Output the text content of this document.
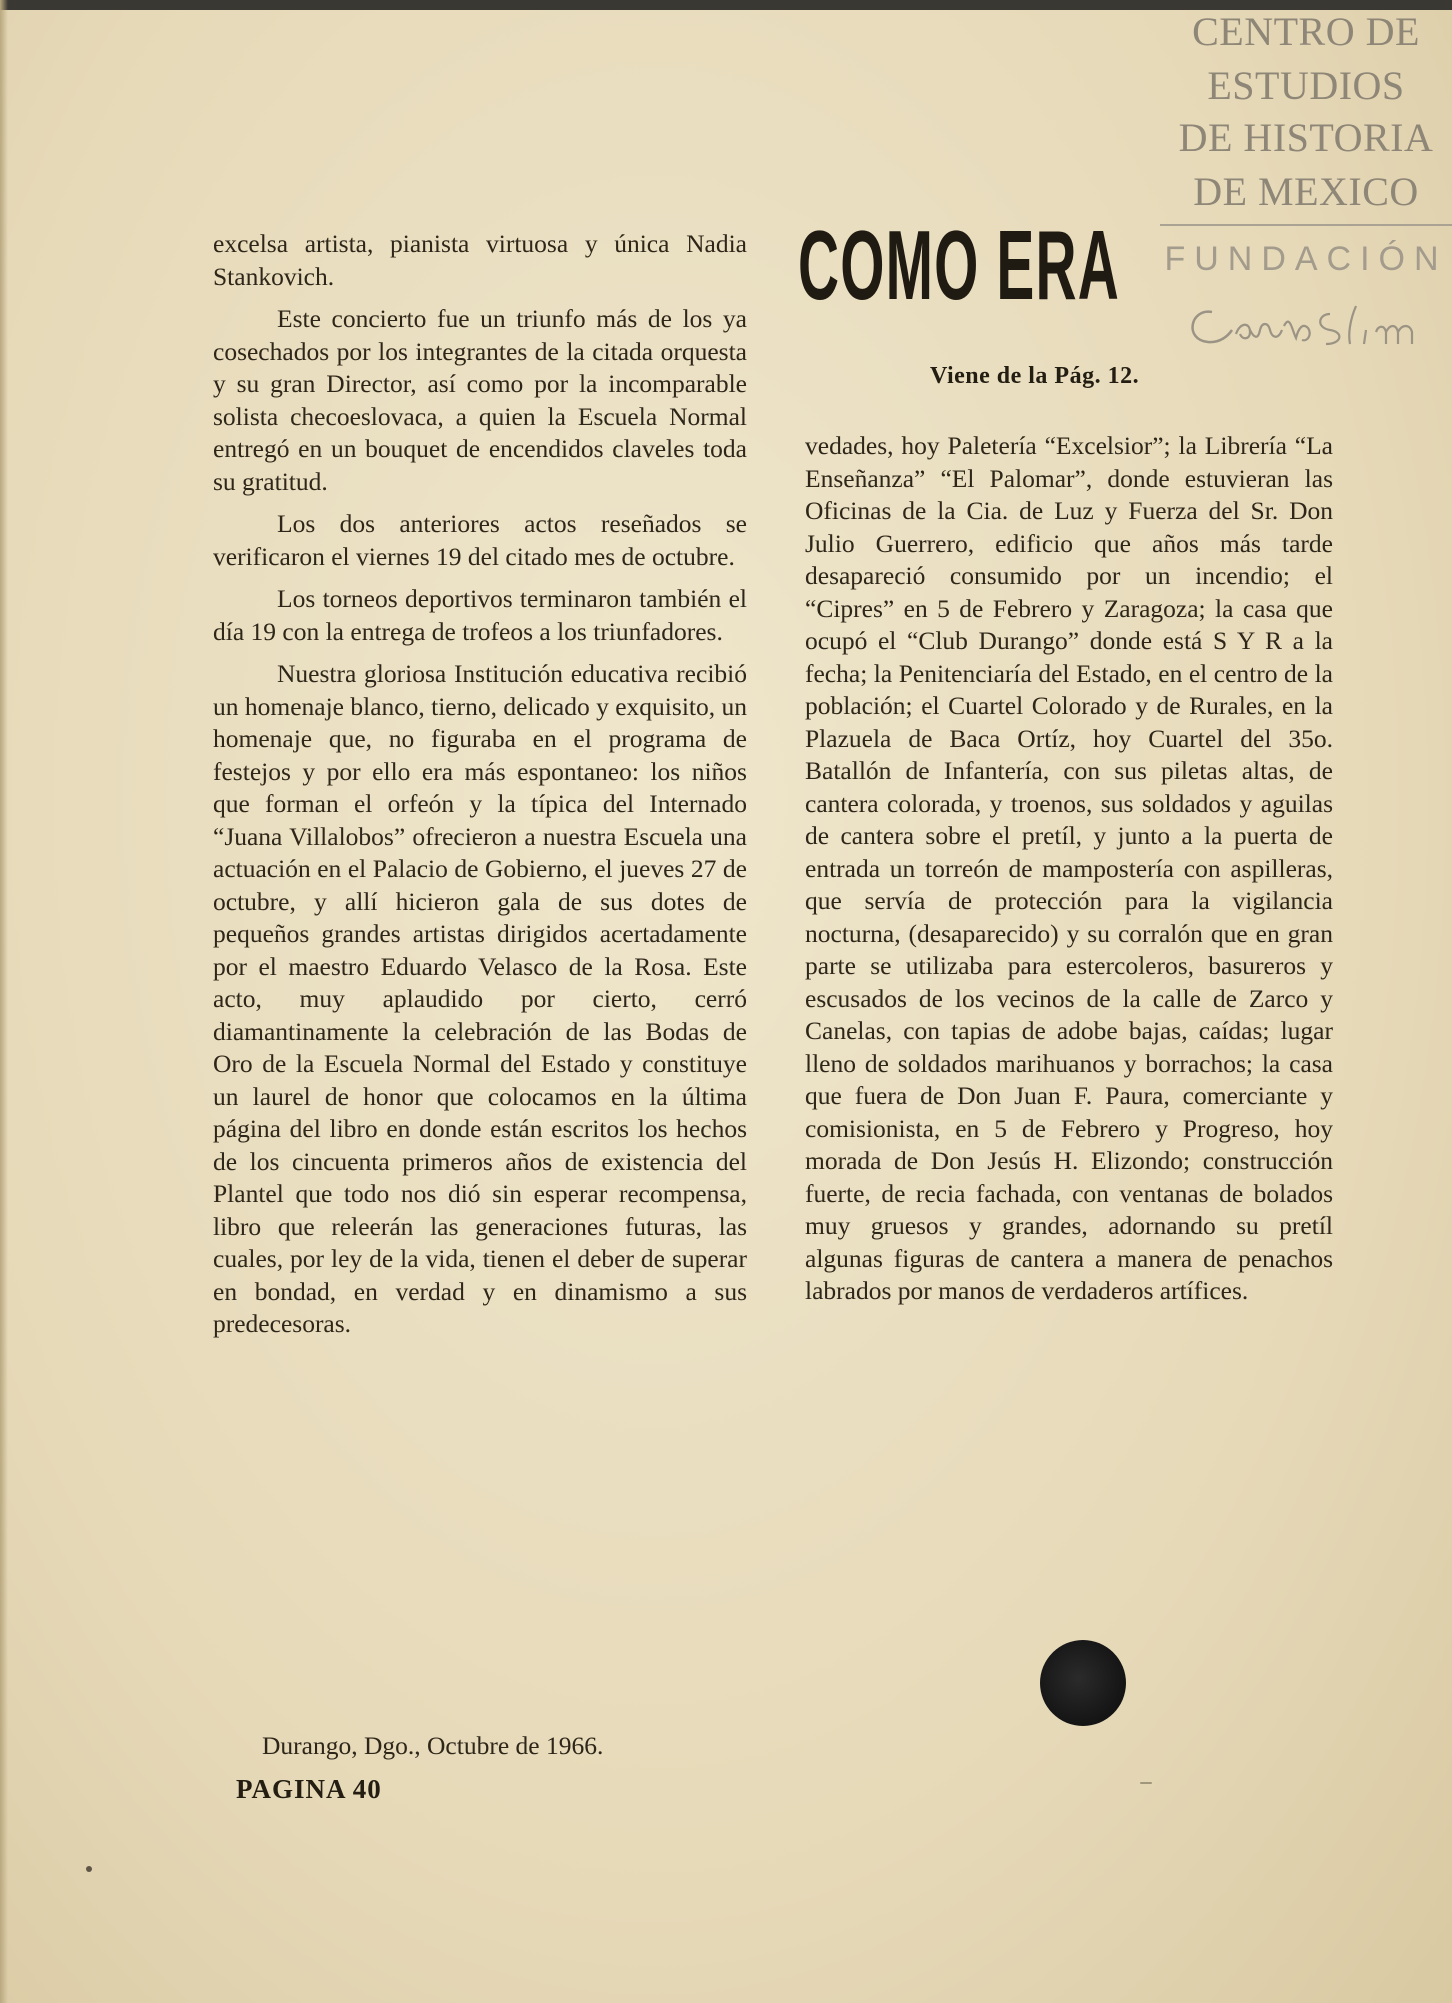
CENTRO DE
ESTUDIOS
DE HISTORIA
DE MEXICO
FUNDACIÓN

excelsa artista, pianista virtuosa y única Nadia Stankovich.

Este concierto fue un triunfo más de los ya cosechados por los integrantes de la citada orquesta y su gran Director, así como por la incomparable solista checoeslovaca, a quien la Escuela Normal entregó en un bouquet de encendidos claveles toda su gratitud.

Los dos anteriores actos reseñados se verificaron el viernes 19 del citado mes de octubre.

Los torneos deportivos terminaron también el día 19 con la entrega de trofeos a los triunfadores.

Nuestra gloriosa Institución educativa recibió un homenaje blanco, tierno, delicado y exquisito, un homenaje que, no figuraba en el programa de festejos y por ello era más espontaneo: los niños que forman el orfeón y la típica del Internado “Juana Villalobos” ofrecieron a nuestra Escuela una actuación en el Palacio de Gobierno, el jueves 27 de octubre, y allí hicieron gala de sus dotes de pequeños grandes artistas dirigidos acertadamente por el maestro Eduardo Velasco de la Rosa. Este acto, muy aplaudido por cierto, cerró diamantinamente la celebración de las Bodas de Oro de la Escuela Normal del Estado y constituye un laurel de honor que colocamos en la última página del libro en donde están escritos los hechos de los cincuenta primeros años de existencia del Plantel que todo nos dió sin esperar recompensa, libro que releerán las generaciones futuras, las cuales, por ley de la vida, tienen el deber de superar en bondad, en verdad y en dinamismo a sus predecesoras.

Durango, Dgo., Octubre de 1966.
PAGINA 40
COMO ERA
Viene de la Pág. 12.

vedades, hoy Paletería “Excelsior”; la Librería “La Enseñanza” “El Palomar”, donde estuvieran las Oficinas de la Cia. de Luz y Fuerza del Sr. Don Julio Guerrero, edificio que años más tarde desapareció consumido por un incendio; el “Cipres” en 5 de Febrero y Zaragoza; la casa que ocupó el “Club Durango” donde está S Y R a la fecha; la Penitenciaría del Estado, en el centro de la población; el Cuartel Colorado y de Rurales, en la Plazuela de Baca Ortíz, hoy Cuartel del 35o. Batallón de Infantería, con sus piletas altas, de cantera colorada, y troenos, sus soldados y aguilas de cantera sobre el pretíl, y junto a la puerta de entrada un torreón de mampostería con aspilleras, que servía de protección para la vigilancia nocturna, (desaparecido) y su corralón que en gran parte se utilizaba para estercoleros, basureros y escusados de los vecinos de la calle de Zarco y Canelas, con tapias de adobe bajas, caídas; lugar lleno de soldados marihuanos y borrachos; la casa que fuera de Don Juan F. Paura, comerciante y comisionista, en 5 de Febrero y Progreso, hoy morada de Don Jesús H. Elizondo; construcción fuerte, de recia fachada, con ventanas de bolados muy gruesos y grandes, adornando su pretíl algunas figuras de cantera a manera de penachos labrados por manos de verdaderos artífices.
